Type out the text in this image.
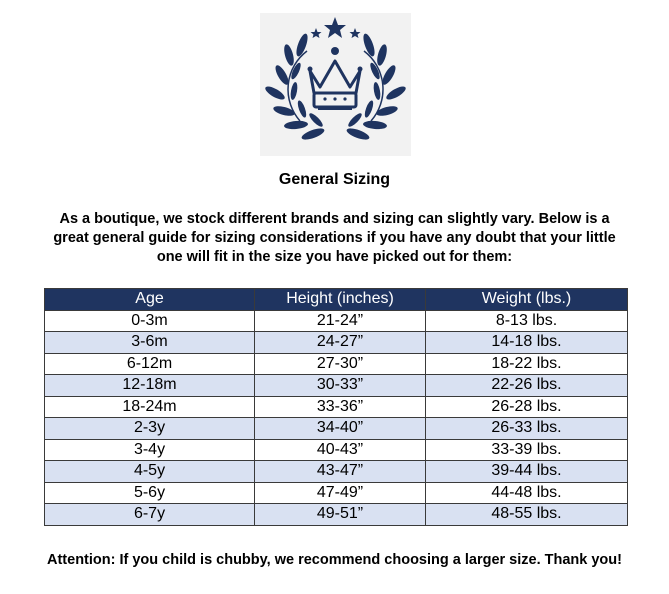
General Sizing
As a boutique, we stock different brands and sizing can slightly vary. Below is a
great general guide for sizing considerations if you have any doubt that your little
one will fit in the size you have picked out for them:
Age	Height (inches)	Weight (lbs.)
0-3m	21-24”	8-13 lbs.
3-6m	24-27”	14-18 lbs.
6-12m	27-30”	18-22 lbs.
12-18m	30-33”	22-26 lbs.
18-24m	33-36”	26-28 lbs.
2-3y	34-40”	26-33 lbs.
3-4y	40-43”	33-39 lbs.
4-5y	43-47”	39-44 lbs.
5-6y	47-49”	44-48 lbs.
6-7y	49-51”	48-55 lbs.
Attention: If you child is chubby, we recommend choosing a larger size. Thank you!
